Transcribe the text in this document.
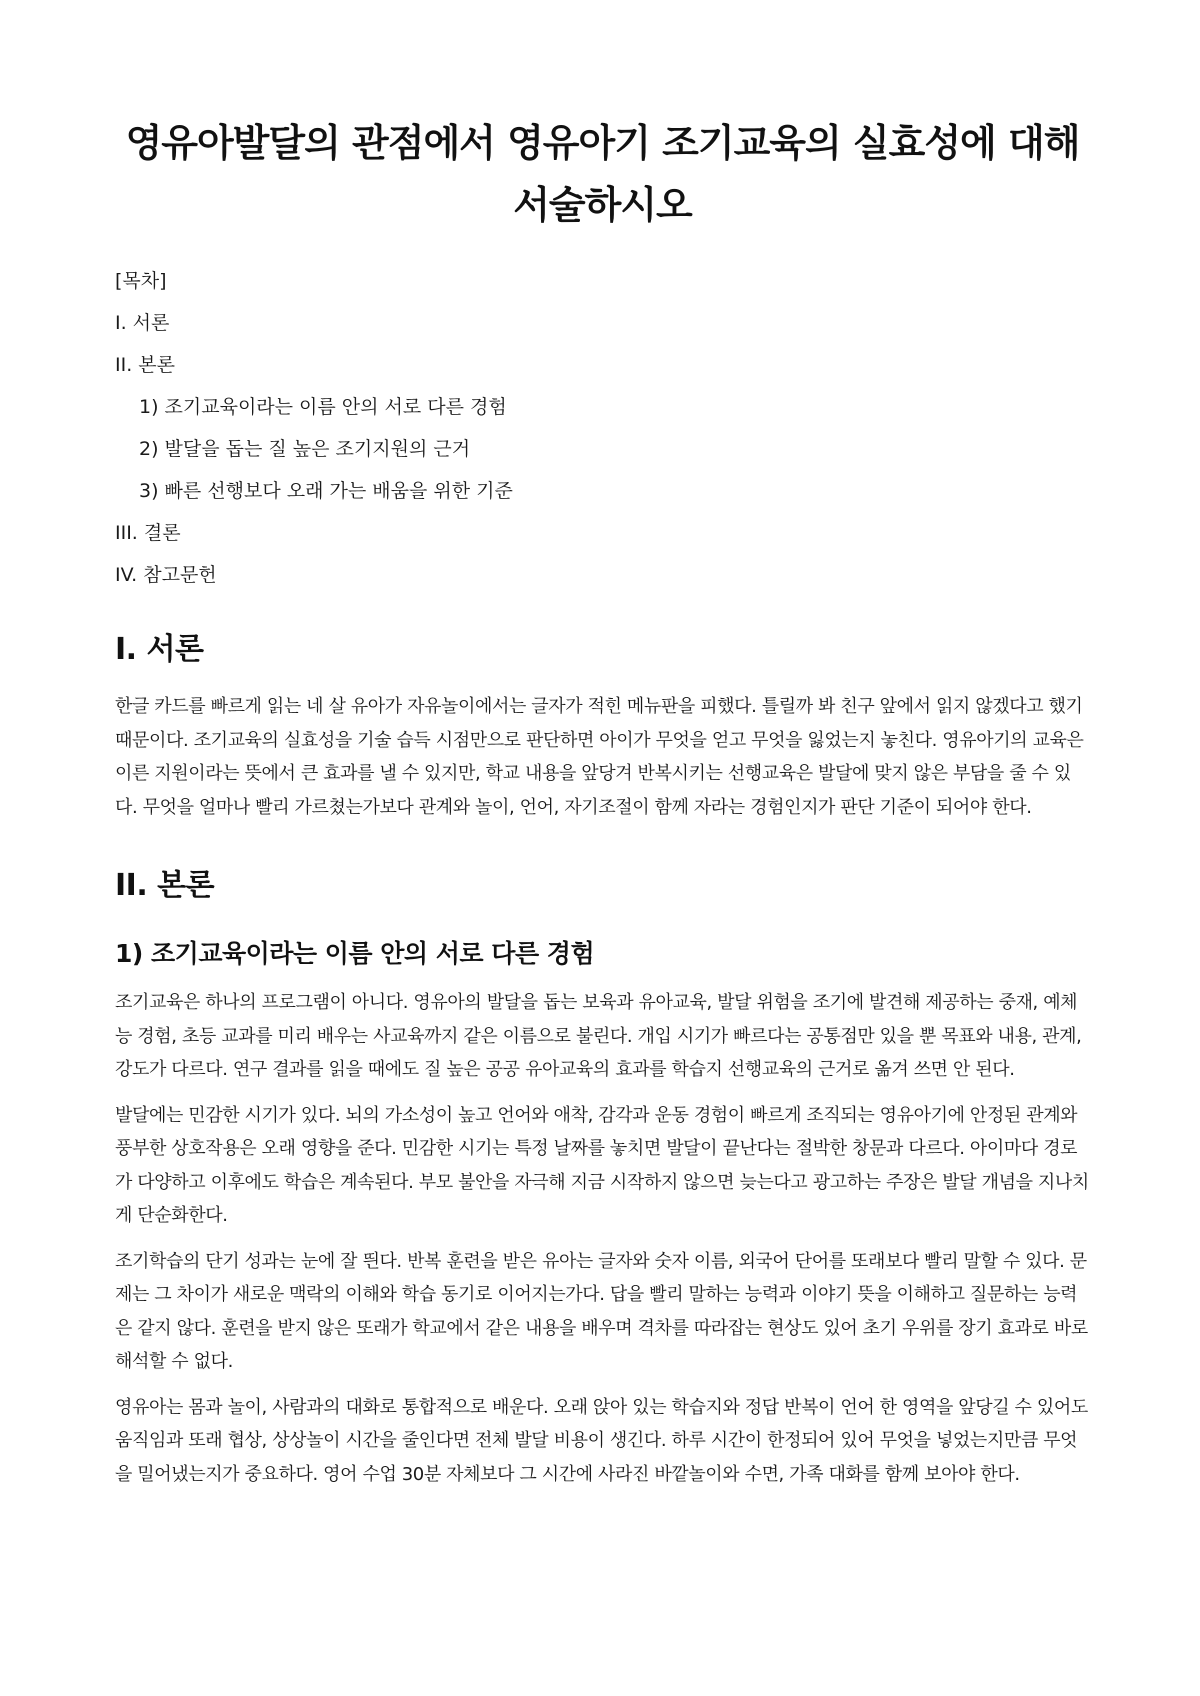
영유아발달의 관점에서 영유아기 조기교육의 실효성에 대해 서술하시오
[목차]
I. 서론
II. 본론
1) 조기교육이라는 이름 안의 서로 다른 경험
2) 발달을 돕는 질 높은 조기지원의 근거
3) 빠른 선행보다 오래 가는 배움을 위한 기준
III. 결론
IV. 참고문헌
I. 서론

한글 카드를 빠르게 읽는 네 살 유아가 자유놀이에서는 글자가 적힌 메뉴판을 피했다. 틀릴까 봐 친구 앞에서 읽지 않겠다고 했기 때문이다. 조기교육의 실효성을 기술 습득 시점만으로 판단하면 아이가 무엇을 얻고 무엇을 잃었는지 놓친다. 영유아기의 교육은 이른 지원이라는 뜻에서 큰 효과를 낼 수 있지만, 학교 내용을 앞당겨 반복시키는 선행교육은 발달에 맞지 않은 부담을 줄 수 있다. 무엇을 얼마나 빨리 가르쳤는가보다 관계와 놀이, 언어, 자기조절이 함께 자라는 경험인지가 판단 기준이 되어야 한다.

II. 본론
1) 조기교육이라는 이름 안의 서로 다른 경험

조기교육은 하나의 프로그램이 아니다. 영유아의 발달을 돕는 보육과 유아교육, 발달 위험을 조기에 발견해 제공하는 중재, 예체능 경험, 초등 교과를 미리 배우는 사교육까지 같은 이름으로 불린다. 개입 시기가 빠르다는 공통점만 있을 뿐 목표와 내용, 관계, 강도가 다르다. 연구 결과를 읽을 때에도 질 높은 공공 유아교육의 효과를 학습지 선행교육의 근거로 옮겨 쓰면 안 된다.

발달에는 민감한 시기가 있다. 뇌의 가소성이 높고 언어와 애착, 감각과 운동 경험이 빠르게 조직되는 영유아기에 안정된 관계와 풍부한 상호작용은 오래 영향을 준다. 민감한 시기는 특정 날짜를 놓치면 발달이 끝난다는 절박한 창문과 다르다. 아이마다 경로가 다양하고 이후에도 학습은 계속된다. 부모 불안을 자극해 지금 시작하지 않으면 늦는다고 광고하는 주장은 발달 개념을 지나치게 단순화한다.

조기학습의 단기 성과는 눈에 잘 띈다. 반복 훈련을 받은 유아는 글자와 숫자 이름, 외국어 단어를 또래보다 빨리 말할 수 있다. 문제는 그 차이가 새로운 맥락의 이해와 학습 동기로 이어지는가다. 답을 빨리 말하는 능력과 이야기 뜻을 이해하고 질문하는 능력은 같지 않다. 훈련을 받지 않은 또래가 학교에서 같은 내용을 배우며 격차를 따라잡는 현상도 있어 초기 우위를 장기 효과로 바로 해석할 수 없다.

영유아는 몸과 놀이, 사람과의 대화로 통합적으로 배운다. 오래 앉아 있는 학습지와 정답 반복이 언어 한 영역을 앞당길 수 있어도 움직임과 또래 협상, 상상놀이 시간을 줄인다면 전체 발달 비용이 생긴다. 하루 시간이 한정되어 있어 무엇을 넣었는지만큼 무엇을 밀어냈는지가 중요하다. 영어 수업 30분 자체보다 그 시간에 사라진 바깥놀이와 수면, 가족 대화를 함께 보아야 한다.
